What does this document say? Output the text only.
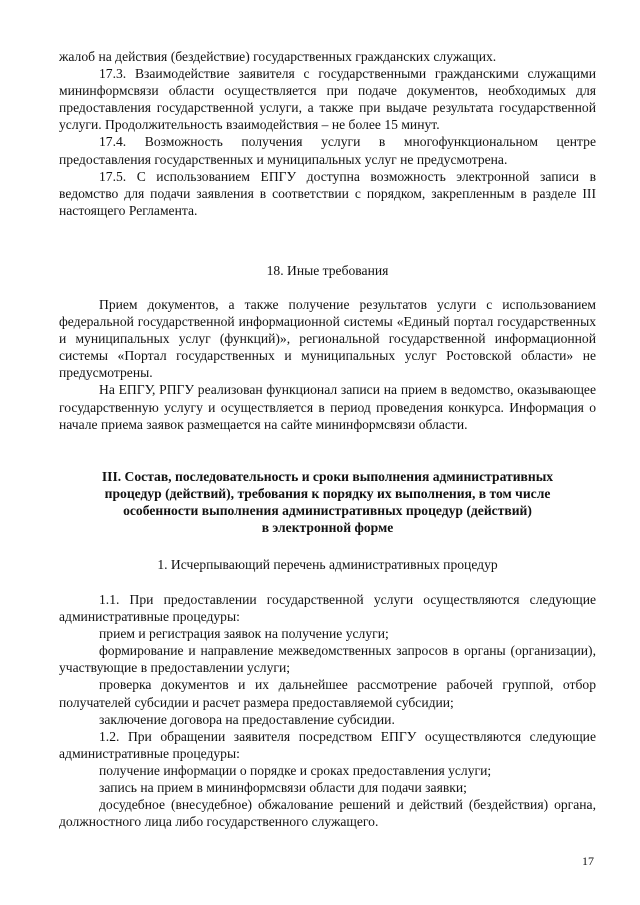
жалоб на действия (бездействие) государственных гражданских служащих.

17.3. Взаимодействие заявителя с государственными гражданскими служащими мининформсвязи области осуществляется при подаче документов, необходимых для предоставления государственной услуги, а также при выдаче результата государственной услуги. Продолжительность взаимодействия – не более 15 минут.

17.4. Возможность получения услуги в многофункциональном центре предоставления государственных и муниципальных услуг не предусмотрена.

17.5. С использованием ЕПГУ доступна возможность электронной записи в ведомство для подачи заявления в соответствии с порядком, закрепленным в разделе III настоящего Регламента.

18. Иные требования

Прием документов, а также получение результатов услуги с использованием федеральной государственной информационной системы «Единый портал государственных и муниципальных услуг (функций)», региональной государственной информационной системы «Портал государственных и муниципальных услуг Ростовской области» не предусмотрены.

На ЕПГУ, РПГУ реализован функционал записи на прием в ведомство, оказывающее государственную услугу и осуществляется в период проведения конкурса. Информация о начале приема заявок размещается на сайте мининформсвязи области.

III. Состав, последовательность и сроки выполнения административных
процедур (действий), требования к порядку их выполнения, в том числе
особенности выполнения административных процедур (действий)
в электронной форме
1. Исчерпывающий перечень административных процедур

1.1. При предоставлении государственной услуги осуществляются следующие административные процедуры:

прием и регистрация заявок на получение услуги;

формирование и направление межведомственных запросов в органы (организации), участвующие в предоставлении услуги;

проверка документов и их дальнейшее рассмотрение рабочей группой, отбор получателей субсидии и расчет размера предоставляемой субсидии;

заключение договора на предоставление субсидии.

1.2. При обращении заявителя посредством ЕПГУ осуществляются следующие административные процедуры:

получение информации о порядке и сроках предоставления услуги;

запись на прием в мининформсвязи области для подачи заявки;

досудебное (внесудебное) обжалование решений и действий (бездействия) органа, должностного лица либо государственного служащего.

17
